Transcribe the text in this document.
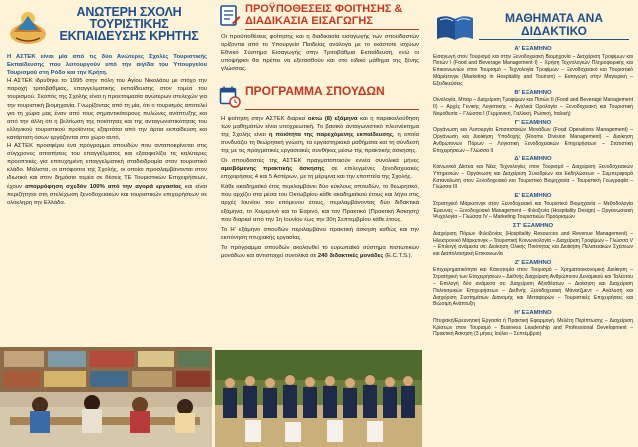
ΑΝΩΤΕΡΗ ΣΧΟΛΗ
ΤΟΥΡΙΣΤΙΚΗΣ
ΕΚΠΑΙΔΕΥΣΗΣ ΚΡΗΤΗΣ

Η ΑΣΤΕΚ είναι μία από τις δύο Ανώτερες Σχολές Τουριστικής Εκπαίδευσης που λειτουργούν υπό την αιγίδα του Υπουργείου Τουρισμού στη Ρόδο και την Κρήτη.

Η ΑΣΤΕΚ ιδρύθηκε το 1995 στην πόλη του Αγίου Νικολάου με στόχο την παροχή τριτοβάθμιας, επαγγελματικής εκπαίδευσης στον τομέα του τουρισμού. Σκοπός της Σχολής είναι η προετοιμασία ανώτερων στελεχών για την τουριστική βιομηχανία. Γνωρίζοντας από τη μία, ότι ο τουρισμός αποτελεί για τη χώρα μας έναν από τους σημαντικότερους πυλώνες ανάπτυξης και από την άλλη ότι η βελτίωση της ποιότητας και της ανταγωνιστικότητας του ελληνικού τουριστικού προϊόντος εξαρτάται από την άρτια εκπαίδευση και κατάρτιση όσων εργάζονται στο χώρο αυτό,

Η ΑΣΤΕΚ προσφέρει ένα πρόγραμμα σπουδών που ανταποκρίνεται στις σύγχρονες απαιτήσεις του επαγγέλματος και εξασφαλίζει τις καλύτερες προοπτικές για επιτυχημένη επαγγελματική σταδιοδρομία στον τουριστικό κλάδο. Μάλιστα, οι απόφοιτοι της Σχολής, οι οποίοι προσλαμβάνονται στον ιδιωτικό και στον δημόσιο τομέα σε θέσεις ΤΕ Τουριστικών Επιχειρήσεων, έχουν απορρόφηση σχεδόν 100% από την αγορά εργασίας και είναι περιζήτητοι στη στελέχωση ξενοδοχειακών και τουριστικών επιχειρήσεων σε ολόκληρη την Ελλάδα.

ΠΡΟΫΠΟΘΕΣΕΙΣ ΦΟΙΤΗΣΗΣ &
ΔΙΑΔΙΚΑΣΙΑ ΕΙΣΑΓΩΓΗΣ
Οι προϋποθέσεις φοίτησης και η διαδικασία εισαγωγής των σπουδαστών ορίζονται από το Υπουργείο Παιδείας ανάλογα με το εκάστοτε ισχύων Εθνικό Σύστημα Εισαγωγής στην Τριτοβάθμια Εκπαίδευση, ενώ οι υποψήφιοι θα πρέπει να εξετασθούν και στο ειδικό μάθημα της ξένης γλώσσας.
ΠΡΟΓΡΑΜΜΑ ΣΠΟΥΔΩΝ

Η φοίτηση στην ΑΣΤΕΚ διαρκεί οκτώ (8) εξάμηνα και η παρακολούθηση των μαθημάτων είναι υποχρεωτική. Το βασικό ανταγωνιστικό πλεονέκτημα της Σχολής είναι η ποιότητα της παρεχόμενης εκπαίδευσης, η οποία συνδυάζει τη θεωρητική γνώση, τα εργαστηριακά μαθήματα και τη σύνδεσή της με τις πραγματικές εργασιακές συνθήκες μέσω της πρακτικής άσκησης.

Οι σπουδαστές της ΑΣΤΕΚ πραγματοποιούν εννέα συνολικά μήνες αμειβόμενης πρακτικής άσκησης σε επιλεγμένες ξενοδοχειακές επιχειρήσεις 4 και 5 Αστέρων, με τη μέριμνα και την εποπτεία της Σχολής.

Κάθε ακαδημαϊκό έτος περιλαμβάνει δύο κύκλους σπουδών, το θεωρητικό, που αρχίζει στα μέσα του Οκτωβρίου κάθε ακαδημαϊκού έτους και λήγει στις αρχές Ιουνίου του επόμενου έτους, περιλαμβάνοντας δύο διδακτικά εξάμηνα, το Χειμερινό και το Εαρινό, και τον Πρακτικό (Πρακτική Άσκηση) που διαρκεί από την 1η Ιουνίου έως την 30η Σεπτεμβρίου κάθε έτους.

Το Η' εξάμηνο σπουδών περιλαμβάνει πρακτική άσκηση καθώς και την εκπόνηση πτυχιακής εργασίας.

Το πρόγραμμα σπουδών ακολουθεί το ευρωπαϊκό σύστημα πιστωτικών μονάδων και αντιστοιχεί συνολικά σε 240 διδακτικές μονάδες (E.C.T.S.).

ΜΑΘΗΜΑΤΑ ΑΝΑ
ΔΙΔΑΚΤΙΚΟ
Α' ΕΞΑΜΗΝΟ
Εισαγωγή στον Τουρισμό και στην Ξενοδοχειακή Βιομηχανία – Διαχείριση Τροφίμων και Ποτών I (Food and Beverage Management I) – Χρήση Τεχνολογιών Πληροφορικής και Επικοινωνιών στον Τουρισμό – Τεχνολογία Τροφίμων – Ξενοδοχειακό και Τουριστικό Μάρκετινγκ (Marketing in Hospitality and Tourism) – Εισαγωγή στην Μαγειρική – Εξειδικεύσεις
Β' ΕΞΑΜΗΝΟ
Οινολογία, Μπαρ – Διαχείριση Τροφίμων και Ποτών II (Food and Beverage Management II) – Αρχές Γενικής Λογιστικής – Αγγλικά Ορολογία – Ξενοδοχειακή και Τουριστική Νομοθεσία – Γλώσσα I (Γερμανική, Γαλλική, Ρωσική, Ιταλική)
Γ' ΕΞΑΜΗΝΟ
Οργάνωση και Λειτουργία Επισιτιστικών Μονάδων (Food Operations Management) – Οργάνωση και Διοίκηση Υποδοχής (Rooms Division Management) – Διοίκηση Ανθρώπινων Πόρων – Λογιστική Ξενοδοχειακών Επιχειρήσεων – Στατιστική Επιχειρήσεων – Γλώσσα II
Δ' ΕΞΑΜΗΝΟ
Κοινωνικά Δίκτυα και Νέες Τεχνολογίες στον Τουρισμό – Διαχείριση Ξενοδοχειακών Υπηρεσιών – Οργάνωση και Διαχείριση Συνεδρίων και Εκδηλώσεων – Συμπεριφορά Καταναλωτή στον Ξενοδοχειακό και Τουριστικό Βιομηχανία – Τουριστική Γεωγραφία – Γλώσσα III
Ε' ΕΞΑΜΗΝΟ
Στρατηγικό Μάρκετινγκ στον Ξενοδοχειακό και Τουριστικό Βιομηχανία – Μεθοδολογία Έρευνας – Ξενοδοχειακό Management – Φιλοξενία (Hospitality Design) – Οργανωσιακή Ψυχολογία – Γλώσσα IV – Marketing Τουριστικών Προορισμών
ΣΤ' ΕΞΑΜΗΝΟ
Διαχείριση Πόρων Φιλοξενίας (Hospitality Resources and Revenue Management) – Ηλεκτρονικό Μάρκετινγκ – Τουριστική Κοινωνιολογία – Διαχείριση Τροφίμων – Γλώσσα V – Επιλογή ανάμεσα σε: Διοίκηση Ολικής Ποιότητας και Διοίκηση Πελατειακών Σχέσεων και Διαπολιτισμική Επικοινωνία
Ζ' ΕΞΑΜΗΝΟ
Επιχειρηματικότητα και Καινοτομία στον Τουρισμό – Χρηματοοικονομική Διοίκηση – Στρατηγική των Επιχειρήσεων – Διεθνής Διαχείριση Ανθρώπινου Δυναμικού και Ταλέντου – Επιλογή δύο ανάμεσα σε: Διαχείριση Αξιοθέατων – Διοίκηση και Διαχείριση Πολιτισμικών Επιχειρήσεων – Διεθνής Ξενοδοχειακή Μάνατζμεντ – Ανάλυση και Διαχείριση Συστημάτων Διανομής και Μεταφορών – Τουριστικές Επιχειρήσεις και Βιώσιμη Ανάπτυξη
Η' ΕΞΑΜΗΝΟ
Πτυχιακή/Ερευνητική Εργασία ή Πρακτική Εφαρμογή. Μελέτη Περίπτωσης – Διαχείριση Κρίσεων στον Τουρισμό – Business Leadership and Professional Development – Πρακτική Άσκηση (3 μήνες Ιούλιο – Σεπτέμβριο)
